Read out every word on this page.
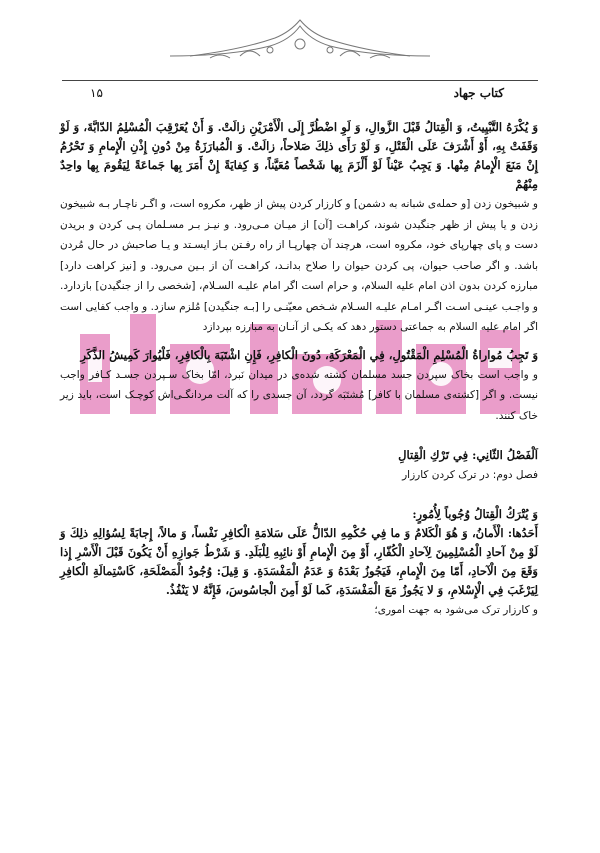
۱۵	کتاب جهاد

وَ يُكْرَهُ التَّبْيِيتُ، وَ الْقِتالُ قَبْلَ الزَّوالِ، وَ لَوِ اضْطُرَّ إِلَى الْأَمْرَيْنِ زالَتْ. وَ أَنْ يُعَرْقِبَ الْمُسْلِمُ الدّابَّةَ، وَ لَوْ وَقَفَتْ بِهِ، أَوْ أَشْرَفَ عَلَى الْقَتْلِ، وَ لَوْ رَأَى ذلِكَ صَلاحاً، زالَتْ. وَ الْمُبارَزَةُ مِنْ دُونِ إِذْنِ الْإِمامِ وَ تَحْرُمُ إِنْ مَنَعَ الْإِمامُ مِنْها. وَ يَجِبُ عَيْناً لَوْ أَلْزَمَ بِها شَخْصاً مُعَيَّناً، وَ كِفايَةً إِنْ أَمَرَ بِها جَماعَةً لِيَقُومَ بِها واحِدٌ مِنْهُمْ

و شبیخون زدن [و حمله‌ی شبانه به دشمن] و کارزار کردن پیش از ظهر، مکروه است، و اگـر ناچـار بـه شبیخون زدن و یا پیش از ظهر جنگیدن شوند، کراهـت [آن] از میـان مـی‌رود. و نیـز بـر مسـلمان پـی کردن و بریدن دست و پای چهارپای خود، مکروه است، هرچند آن چهارپـا از راه رفـتن بـاز ایسـتد و یـا صاحبش در حال مُردن باشد. و اگر صاحب حیوان، پی کردن حیوان را صلاح بدانـد، کراهـت آن از بـین می‌رود. و [نیز کراهت دارد] مبارزه کردن بدون اذن امام علیه السلام، و حرام است اگر امام علیـه السـلام، [شخصی را از جنگیدن] بازدارد. و واجـب عینـی اسـت اگـر امـام علیـه السـلام شـخص معیّنـی را [بـه جنگیدن] مُلزم سازد. و واجب کفایی است اگر امام علیه السلام به جماعتی دستور دهد که یکـی از آنـان به مبارزه بپردازد

وَ تَجِبُ مُواراةُ الْمُسْلِمِ الْمَقْتُولِ، فِي الْمَعْرَكَةِ، دُونَ الْكافِرِ، فَإِنِ اشْتَبَهَ بِالْكافِرِ، فَلْيُوارَ كَمِيشُ الذَّكَرِ

و واجب است بخاک سپردن جسد مسلمان کشته شده‌ی در میدان نَبرد، امّا بخاک سـپردن جسـد کـافر واجب نیست. و اگر [کشته‌ی مسلمان با کافر] مُشتَبَه گردد، آن جسدی را که آلت مردانگـی‌اش کوچـک است، باید زیر خاک کنند.

اَلْفَصْلُ الثّانِي: فِي تَرْكِ الْقِتالِ

فصل دوم: در ترک کردن کارزار

وَ يُتْرَكُ الْقِتالُ وُجُوباً لِأُمُورٍ:

أَحَدُها: الْأَمانُ، وَ هُوَ الْكَلامُ وَ ما فِي حُكْمِهِ الدّالُّ عَلَى سَلامَةِ الْكافِرِ نَفْساً، وَ مالاً، إِجابَةً لِسُؤالِهِ ذلِكَ وَ لَوْ مِنْ آحادِ الْمُسْلِمِينَ لِآحادِ الْكُفّارِ، أَوْ مِنَ الْإِمامِ أَوْ نائِبِهِ لِلْبَلَدِ. وَ شَرْطُ جَوازِهِ أَنْ يَكُونَ قَبْلَ الْأَسْرِ إِذا وَقَعَ مِنَ الْآحادِ، أَمّا مِنَ الْإِمامِ، فَيَجُوزُ بَعْدَهُ وَ عَدَمُ الْمَفْسَدَةِ. وَ قِيلَ: وُجُودُ الْمَصْلَحَةِ، كَاسْتِمالَةِ الْكافِرِ لِيَرْغَبَ فِي الْإِسْلامِ، وَ لا يَجُوزُ مَعَ الْمَفْسَدَةِ، كَما لَوْ أَمِنَ الْجاسُوسَ، فَإِنَّهُ لا يَنْفُذُ.

و کارزار ترک می‌شود به جهت اموری؛
